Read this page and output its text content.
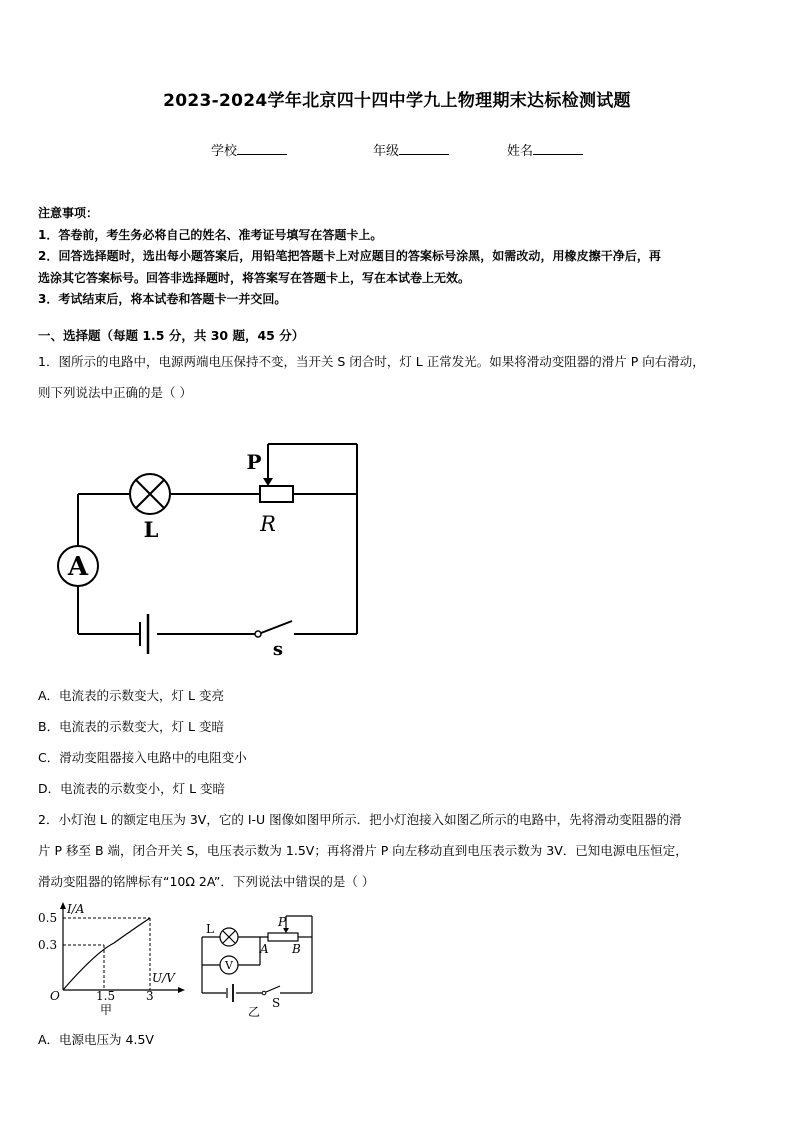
2023-2024学年北京四十四中学九上物理期末达标检测试题
学校	年级	姓名
注意事项：
1．答卷前，考生务必将自己的姓名、准考证号填写在答题卡上。
2．回答选择题时，选出每小题答案后，用铅笔把答题卡上对应题目的答案标号涂黑，如需改动，用橡皮擦干净后，再
选涂其它答案标号。回答非选择题时，将答案写在答题卡上，写在本试卷上无效。
3．考试结束后，将本试卷和答题卡一并交回。
一、选择题（每题 1.5 分，共 30 题，45 分）
1．图所示的电路中，电源两端电压保持不变，当开关 S 闭合时，灯 L 正常发光。如果将滑动变阻器的滑片 P 向右滑动，
则下列说法中正确的是（ ）
A
P
R
L
s
A．电流表的示数变大，灯 L 变亮
B．电流表的示数变大，灯 L 变暗
C．滑动变阻器接入电路中的电阻变小
D．电流表的示数变小，灯 L 变暗
2．小灯泡 L 的额定电压为 3V，它的 I-U 图像如图甲所示．把小灯泡接入如图乙所示的电路中，先将滑动变阻器的滑
片 P 移至 B 端，闭合开关 S，电压表示数为 1.5V；再将滑片 P 向左移动直到电压表示数为 3V．已知电源电压恒定，
滑动变阻器的铭牌标有“10Ω 2A”．下列说法中错误的是（ ）
I/A
U/V
0.5
0.3
O	1.5	3
甲
V
L	P
A B
S
乙
A．电源电压为 4.5V
